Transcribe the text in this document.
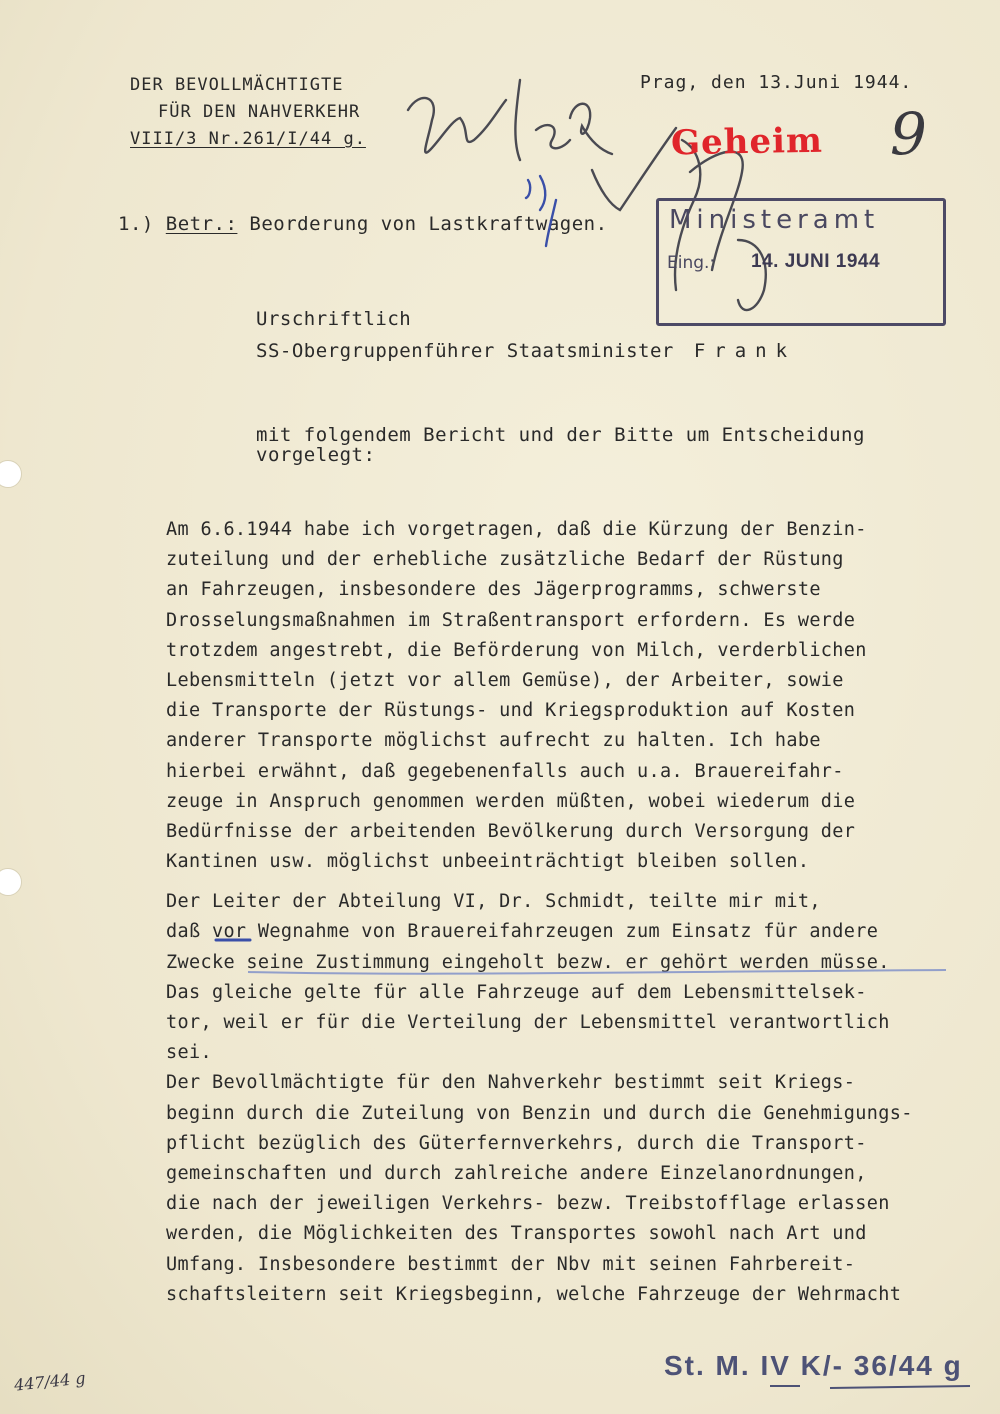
DER BEVOLLMÄCHTIGTE
FÜR DEN NAHVERKEHR
VIII/3 Nr.261/I/44 g.
Prag, den 13.Juni 1944.
1.) Betr.: Beorderung von Lastkraftwagen.
Urschriftlich
SS-Obergruppenführer Staatsminister Frank
mit folgendem Bericht und der Bitte um Entscheidung
vorgelegt:
Am 6.6.1944 habe ich vorgetragen, daß die Kürzung der Benzin-
zuteilung und der erhebliche zusätzliche Bedarf der Rüstung
an Fahrzeugen, insbesondere des Jägerprogramms, schwerste
Drosselungsmaßnahmen im Straßentransport erfordern. Es werde
trotzdem angestrebt, die Beförderung von Milch, verderblichen
Lebensmitteln (jetzt vor allem Gemüse), der Arbeiter, sowie
die Transporte der Rüstungs- und Kriegsproduktion auf Kosten
anderer Transporte möglichst aufrecht zu halten. Ich habe
hierbei erwähnt, daß gegebenenfalls auch u.a. Brauereifahr-
zeuge in Anspruch genommen werden müßten, wobei wiederum die
Bedürfnisse der arbeitenden Bevölkerung durch Versorgung der
Kantinen usw. möglichst unbeeinträchtigt bleiben sollen.
Der Leiter der Abteilung VI, Dr. Schmidt, teilte mir mit,
daß vor Wegnahme von Brauereifahrzeugen zum Einsatz für andere
Zwecke seine Zustimmung eingeholt bezw. er gehört werden müsse.
Das gleiche gelte für alle Fahrzeuge auf dem Lebensmittelsek-
tor, weil er für die Verteilung der Lebensmittel verantwortlich
sei.
Der Bevollmächtigte für den Nahverkehr bestimmt seit Kriegs-
beginn durch die Zuteilung von Benzin und durch die Genehmigungs-
pflicht bezüglich des Güterfernverkehrs, durch die Transport-
gemeinschaften und durch zahlreiche andere Einzelanordnungen,
die nach der jeweiligen Verkehrs- bezw. Treibstofflage erlassen
werden, die Möglichkeiten des Transportes sowohl nach Art und
Umfang. Insbesondere bestimmt der Nbv mit seinen Fahrbereit-
schaftsleitern seit Kriegsbeginn, welche Fahrzeuge der Wehrmacht
9
Geheim
Ministeramt
Eing.: 14. JUNI 1944
447/44 g
St. M. IV K/- 36/44 g
